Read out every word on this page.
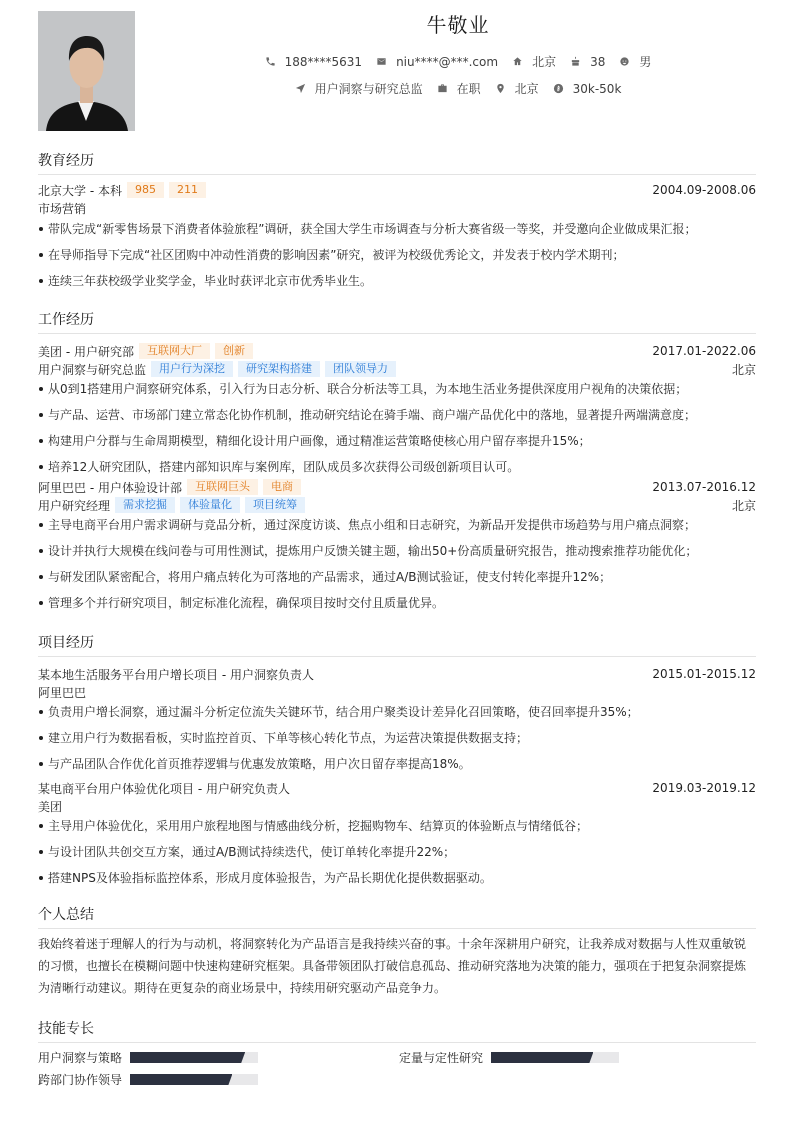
牛敬业
188****5631	niu****@***.com	北京	38	男
用户洞察与研究总监	在职	北京	30k-50k
教育经历
北京大学 - 本科	985	211	2004.09-2008.06
市场营销
带队完成“新零售场景下消费者体验旅程”调研，获全国大学生市场调查与分析大赛省级一等奖，并受邀向企业做成果汇报；
在导师指导下完成“社区团购中冲动性消费的影响因素”研究，被评为校级优秀论文，并发表于校内学术期刊；
连续三年获校级学业奖学金，毕业时获评北京市优秀毕业生。
工作经历
美团 - 用户研究部	互联网大厂	创新	2017.01-2022.06
用户洞察与研究总监	用户行为深挖	研究架构搭建	团队领导力	北京
从0到1搭建用户洞察研究体系，引入行为日志分析、联合分析法等工具，为本地生活业务提供深度用户视角的决策依据；
与产品、运营、市场部门建立常态化协作机制，推动研究结论在骑手端、商户端产品优化中的落地，显著提升两端满意度；
构建用户分群与生命周期模型，精细化设计用户画像，通过精准运营策略使核心用户留存率提升15%；
培养12人研究团队，搭建内部知识库与案例库，团队成员多次获得公司级创新项目认可。
阿里巴巴 - 用户体验设计部	互联网巨头	电商	2013.07-2016.12
用户研究经理	需求挖掘	体验量化	项目统筹	北京
主导电商平台用户需求调研与竞品分析，通过深度访谈、焦点小组和日志研究，为新品开发提供市场趋势与用户痛点洞察；
设计并执行大规模在线问卷与可用性测试，提炼用户反馈关键主题，输出50+份高质量研究报告，推动搜索推荐功能优化；
与研发团队紧密配合，将用户痛点转化为可落地的产品需求，通过A/B测试验证，使支付转化率提升12%；
管理多个并行研究项目，制定标准化流程，确保项目按时交付且质量优异。
项目经历
某本地生活服务平台用户增长项目 - 用户洞察负责人	2015.01-2015.12
阿里巴巴
负责用户增长洞察，通过漏斗分析定位流失关键环节，结合用户聚类设计差异化召回策略，使召回率提升35%；
建立用户行为数据看板，实时监控首页、下单等核心转化节点，为运营决策提供数据支持；
与产品团队合作优化首页推荐逻辑与优惠发放策略，用户次日留存率提高18%。
某电商平台用户体验优化项目 - 用户研究负责人	2019.03-2019.12
美团
主导用户体验优化，采用用户旅程地图与情感曲线分析，挖掘购物车、结算页的体验断点与情绪低谷；
与设计团队共创交互方案，通过A/B测试持续迭代，使订单转化率提升22%；
搭建NPS及体验指标监控体系，形成月度体验报告，为产品长期优化提供数据驱动。
个人总结
我始终着迷于理解人的行为与动机，将洞察转化为产品语言是我持续兴奋的事。十余年深耕用户研究，让我养成对数据与人性双重敏锐
的习惯，也擅长在模糊问题中快速构建研究框架。具备带领团队打破信息孤岛、推动研究落地为决策的能力，强项在于把复杂洞察提炼
为清晰行动建议。期待在更复杂的商业场景中，持续用研究驱动产品竞争力。
技能专长
用户洞察与策略	定量与定性研究
跨部门协作领导
